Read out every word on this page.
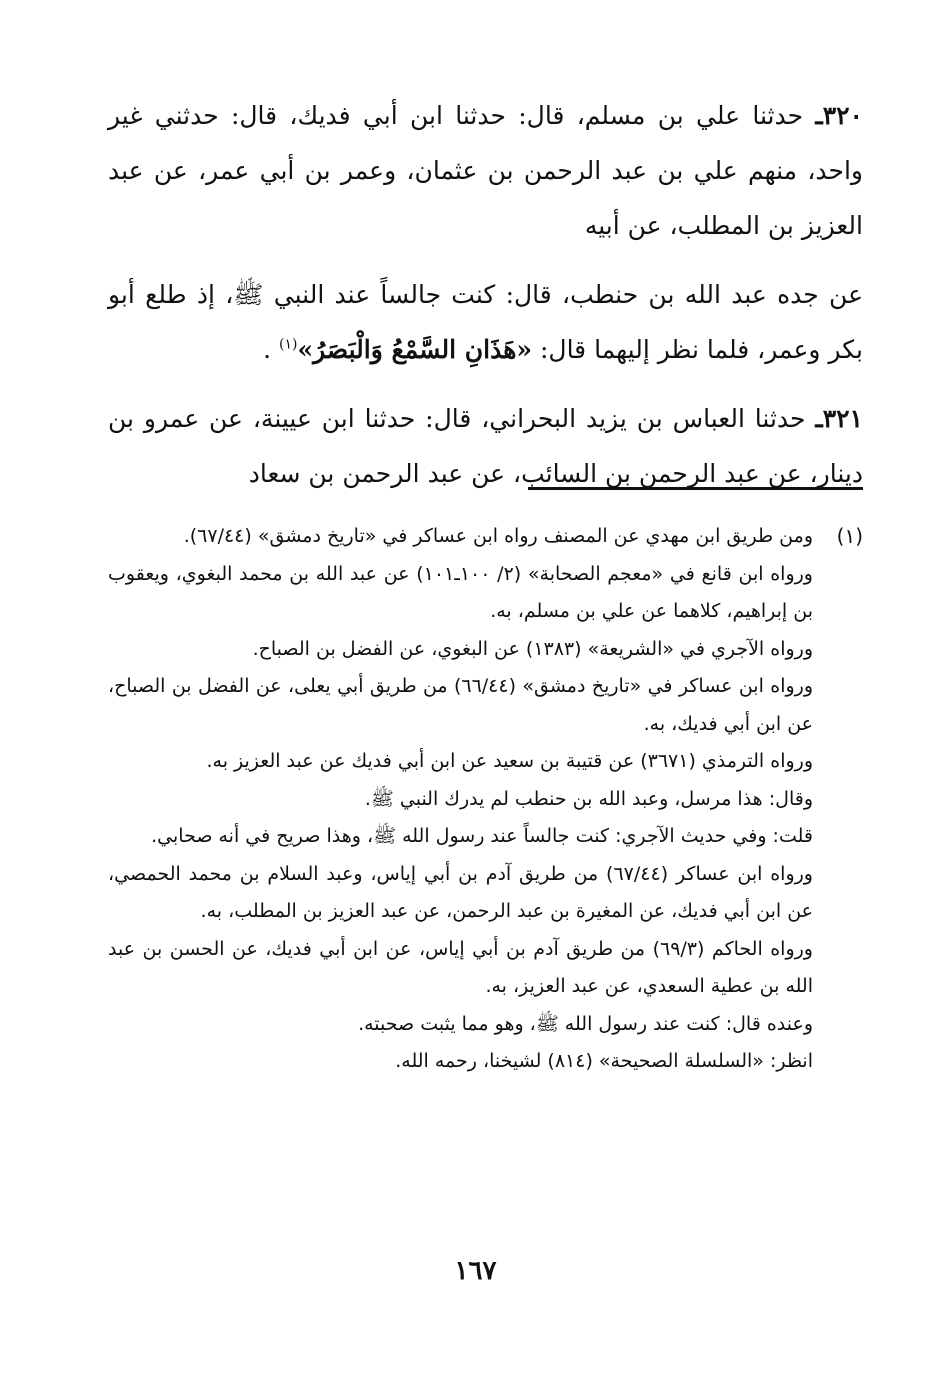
٣٢٠ـ حدثنا علي بن مسلم، قال: حدثنا ابن أبي فديك، قال: حدثني غير واحد، منهم علي بن عبد الرحمن بن عثمان، وعمر بن أبي عمر، عن عبد العزيز بن المطلب، عن أبيه

عن جده عبد الله بن حنطب، قال: كنت جالساً عند النبي ﷺ، إذ طلع أبو بكر وعمر، فلما نظر إليهما قال: «هَذَانِ السَّمْعُ وَالْبَصَرُ»$^{(١)}$ .

٣٢١ـ حدثنا العباس بن يزيد البحراني، قال: حدثنا ابن عيينة، عن عمرو بن دينار، عن عبد الرحمن بن السائب، عن عبد الرحمن بن سعاد

(١)

ومن طريق ابن مهدي عن المصنف رواه ابن عساكر في «تاريخ دمشق» (٦٧/٤٤).

ورواه ابن قانع في «معجم الصحابة» (٢/ ١٠٠ـ١٠١) عن عبد الله بن محمد البغوي، ويعقوب بن إبراهيم، كلاهما عن علي بن مسلم، به.

ورواه الآجري في «الشريعة» (١٣٨٣) عن البغوي، عن الفضل بن الصباح.

ورواه ابن عساكر في «تاريخ دمشق» (٦٦/٤٤) من طريق أبي يعلى، عن الفضل بن الصباح، عن ابن أبي فديك، به.

ورواه الترمذي (٣٦٧١) عن قتيبة بن سعيد عن ابن أبي فديك عن عبد العزيز به.

وقال: هذا مرسل، وعبد الله بن حنطب لم يدرك النبي ﷺ.

قلت: وفي حديث الآجري: كنت جالساً عند رسول الله ﷺ، وهذا صريح في أنه صحابي.

ورواه ابن عساكر (٦٧/٤٤) من طريق آدم بن أبي إياس، وعبد السلام بن محمد الحمصي، عن ابن أبي فديك، عن المغيرة بن عبد الرحمن، عن عبد العزيز بن المطلب، به.

ورواه الحاكم (٦٩/٣) من طريق آدم بن أبي إياس، عن ابن أبي فديك، عن الحسن بن عبد الله بن عطية السعدي، عن عبد العزيز، به.

وعنده قال: كنت عند رسول الله ﷺ، وهو مما يثبت صحبته.

انظر: «السلسلة الصحيحة» (٨١٤) لشيخنا، رحمه الله.

١٦٧
